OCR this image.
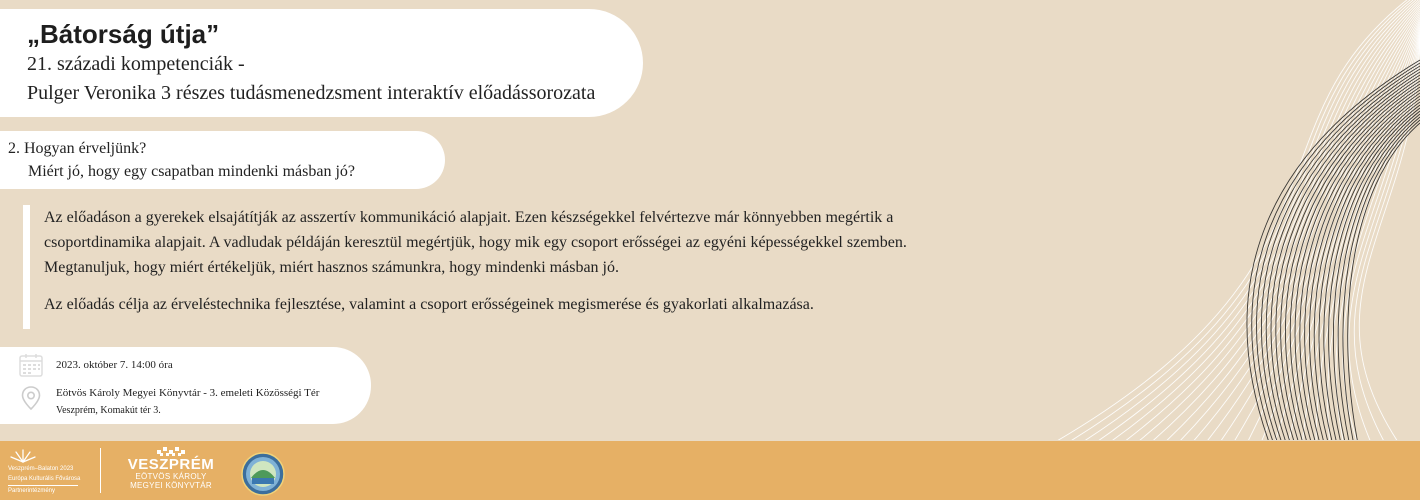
„Bátorság útja”
21. századi kompetenciák -
Pulger Veronika 3 részes tudásmenedzsment interaktív előadássorozata
2. Hogyan érveljünk?
Miért jó, hogy egy csapatban mindenki másban jó?

Az előadáson a gyerekek elsajátítják az asszertív kommunikáció alapjait. Ezen készségekkel felvértezve már könnyebben megértik a csoportdinamika alapjait. A vadludak példáján keresztül megértjük, hogy mik egy csoport erősségei az egyéni képességekkel szemben. Megtanuljuk, hogy miért értékeljük, miért hasznos számunkra, hogy mindenki másban jó.

Az előadás célja az érveléstechnika fejlesztése, valamint a csoport erősségeinek megismerése és gyakorlati alkalmazása.

2023. október 7. 14:00 óra
Eötvös Károly Megyei Könyvtár - 3. emeleti Közösségi Tér
Veszprém, Komakút tér 3.
Veszprém–Balaton 2023
Európa Kulturális Fővárosa
Partnerintézmény
VESZPRÉM
EÖTVÖS KÁROLY
MEGYEI KÖNYVTÁR
